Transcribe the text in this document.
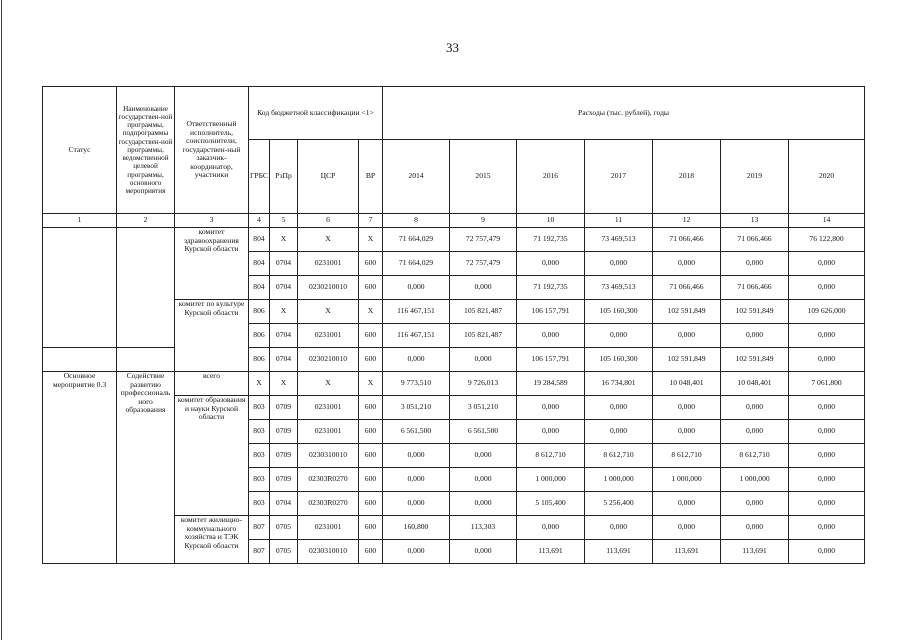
33
Статус	Наименование государствен-ной программы, подпрограммы государствен-ной программы, ведомственной целевой программы, основного мероприятия	Ответственный исполнитель, соисполнители, государствен-ный заказчик-координатор, участники	Код бюджетной классификации <1>				Расходы (тыс. рублей), годы						
			ГРБС	РзПр	ЦСР	ВР	2014	2015	2016	2017	2018	2019	2020
1	2	3	4	5	6	7	8	9	10	11	12	13	14
		комитет здравоохранения Курской области	804	X	X	X	71 664,029	72 757,479	71 192,735	73 469,513	71 066,466	71 066,466	76 122,800
			804	0704	0231001	600	71 664,029	72 757,479	0,000	0,000	0,000	0,000	0,000
			804	0704	0230210010	600	0,000	0,000	71 192,735	73 469,513	71 066,466	71 066,466	0,000
		комитет по культуре Курской области	806	X	X	X	116 467,151	105 821,487	106 157,791	105 160,300	102 591,849	102 591,849	109 626,000
			806	0704	0231001	600	116 467,151	105 821,487	0,000	0,000	0,000	0,000	0,000
			806	0704	0230210010	600	0,000	0,000	106 157,791	105 160,300	102 591,849	102 591,849	0,000
Основное мероприятие 0.3	Содействие развитию профессиональ ного образования	всего	X	X	X	X	9 773,510	9 726,013	19 284,589	16 734,801	10 048,401	10 048,401	7 061,800
		комитет образования и науки Курской области	803	0709	0231001	600	3 051,210	3 051,210	0,000	0,000	0,000	0,000	0,000
			803	0709	0231001	600	6 561,500	6 561,500	0,000	0,000	0,000	0,000	0,000
			803	0709	0230310010	600	0,000	0,000	8 612,710	8 612,710	8 612,710	8 612,710	0,000
			803	0709	02303R0270	600	0,000	0,000	1 000,000	1 000,000	1 000,000	1 000,000	0,000
			803	0704	02303R0270	600	0,000	0,000	5 105,400	5 256,400	0,000	0,000	0,000
		комитет жилищно-коммунального хозяйства и ТЭК Курской области	807	0705	0231001	600	160,800	113,303	0,000	0,000	0,000	0,000	0,000
			807	0705	0230310010	600	0,000	0,000	113,691	113,691	113,691	113,691	0,000
